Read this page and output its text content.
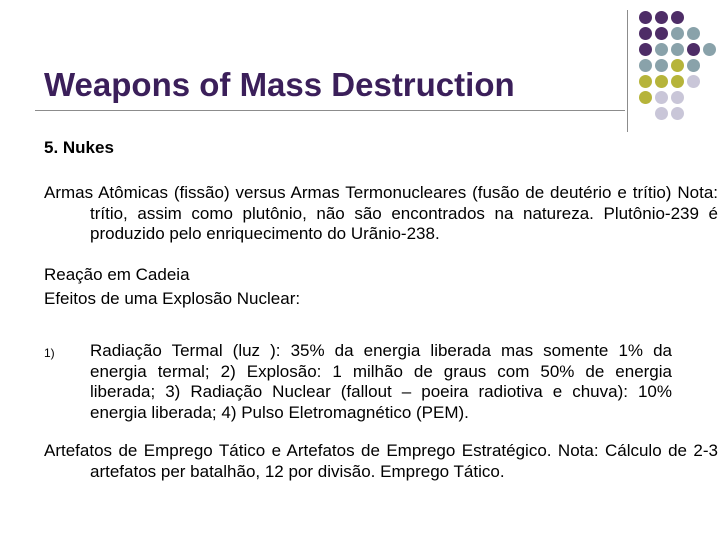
Weapons of Mass Destruction

5. Nukes

Armas Atômicas (fissão) versus Armas Termonucleares (fusão de deutério e trítio) Nota: trítio, assim como plutônio, não são encontrados na natureza. Plutônio-239 é produzido pelo enriquecimento do Urãnio-238.

Reação em Cadeia

Efeitos de uma Explosão Nuclear:

1) Radiação Termal (luz ): 35% da energia liberada mas somente 1% da energia termal; 2) Explosão: 1 milhão de graus com 50% de energia liberada; 3) Radiação Nuclear (fallout – poeira radiotiva e chuva): 10% energia liberada; 4) Pulso Eletromagnético (PEM).

Artefatos de Emprego Tático e Artefatos de Emprego Estratégico. Nota: Cálculo de 2-3 artefatos per batalhão, 12 por divisão. Emprego Tático.
